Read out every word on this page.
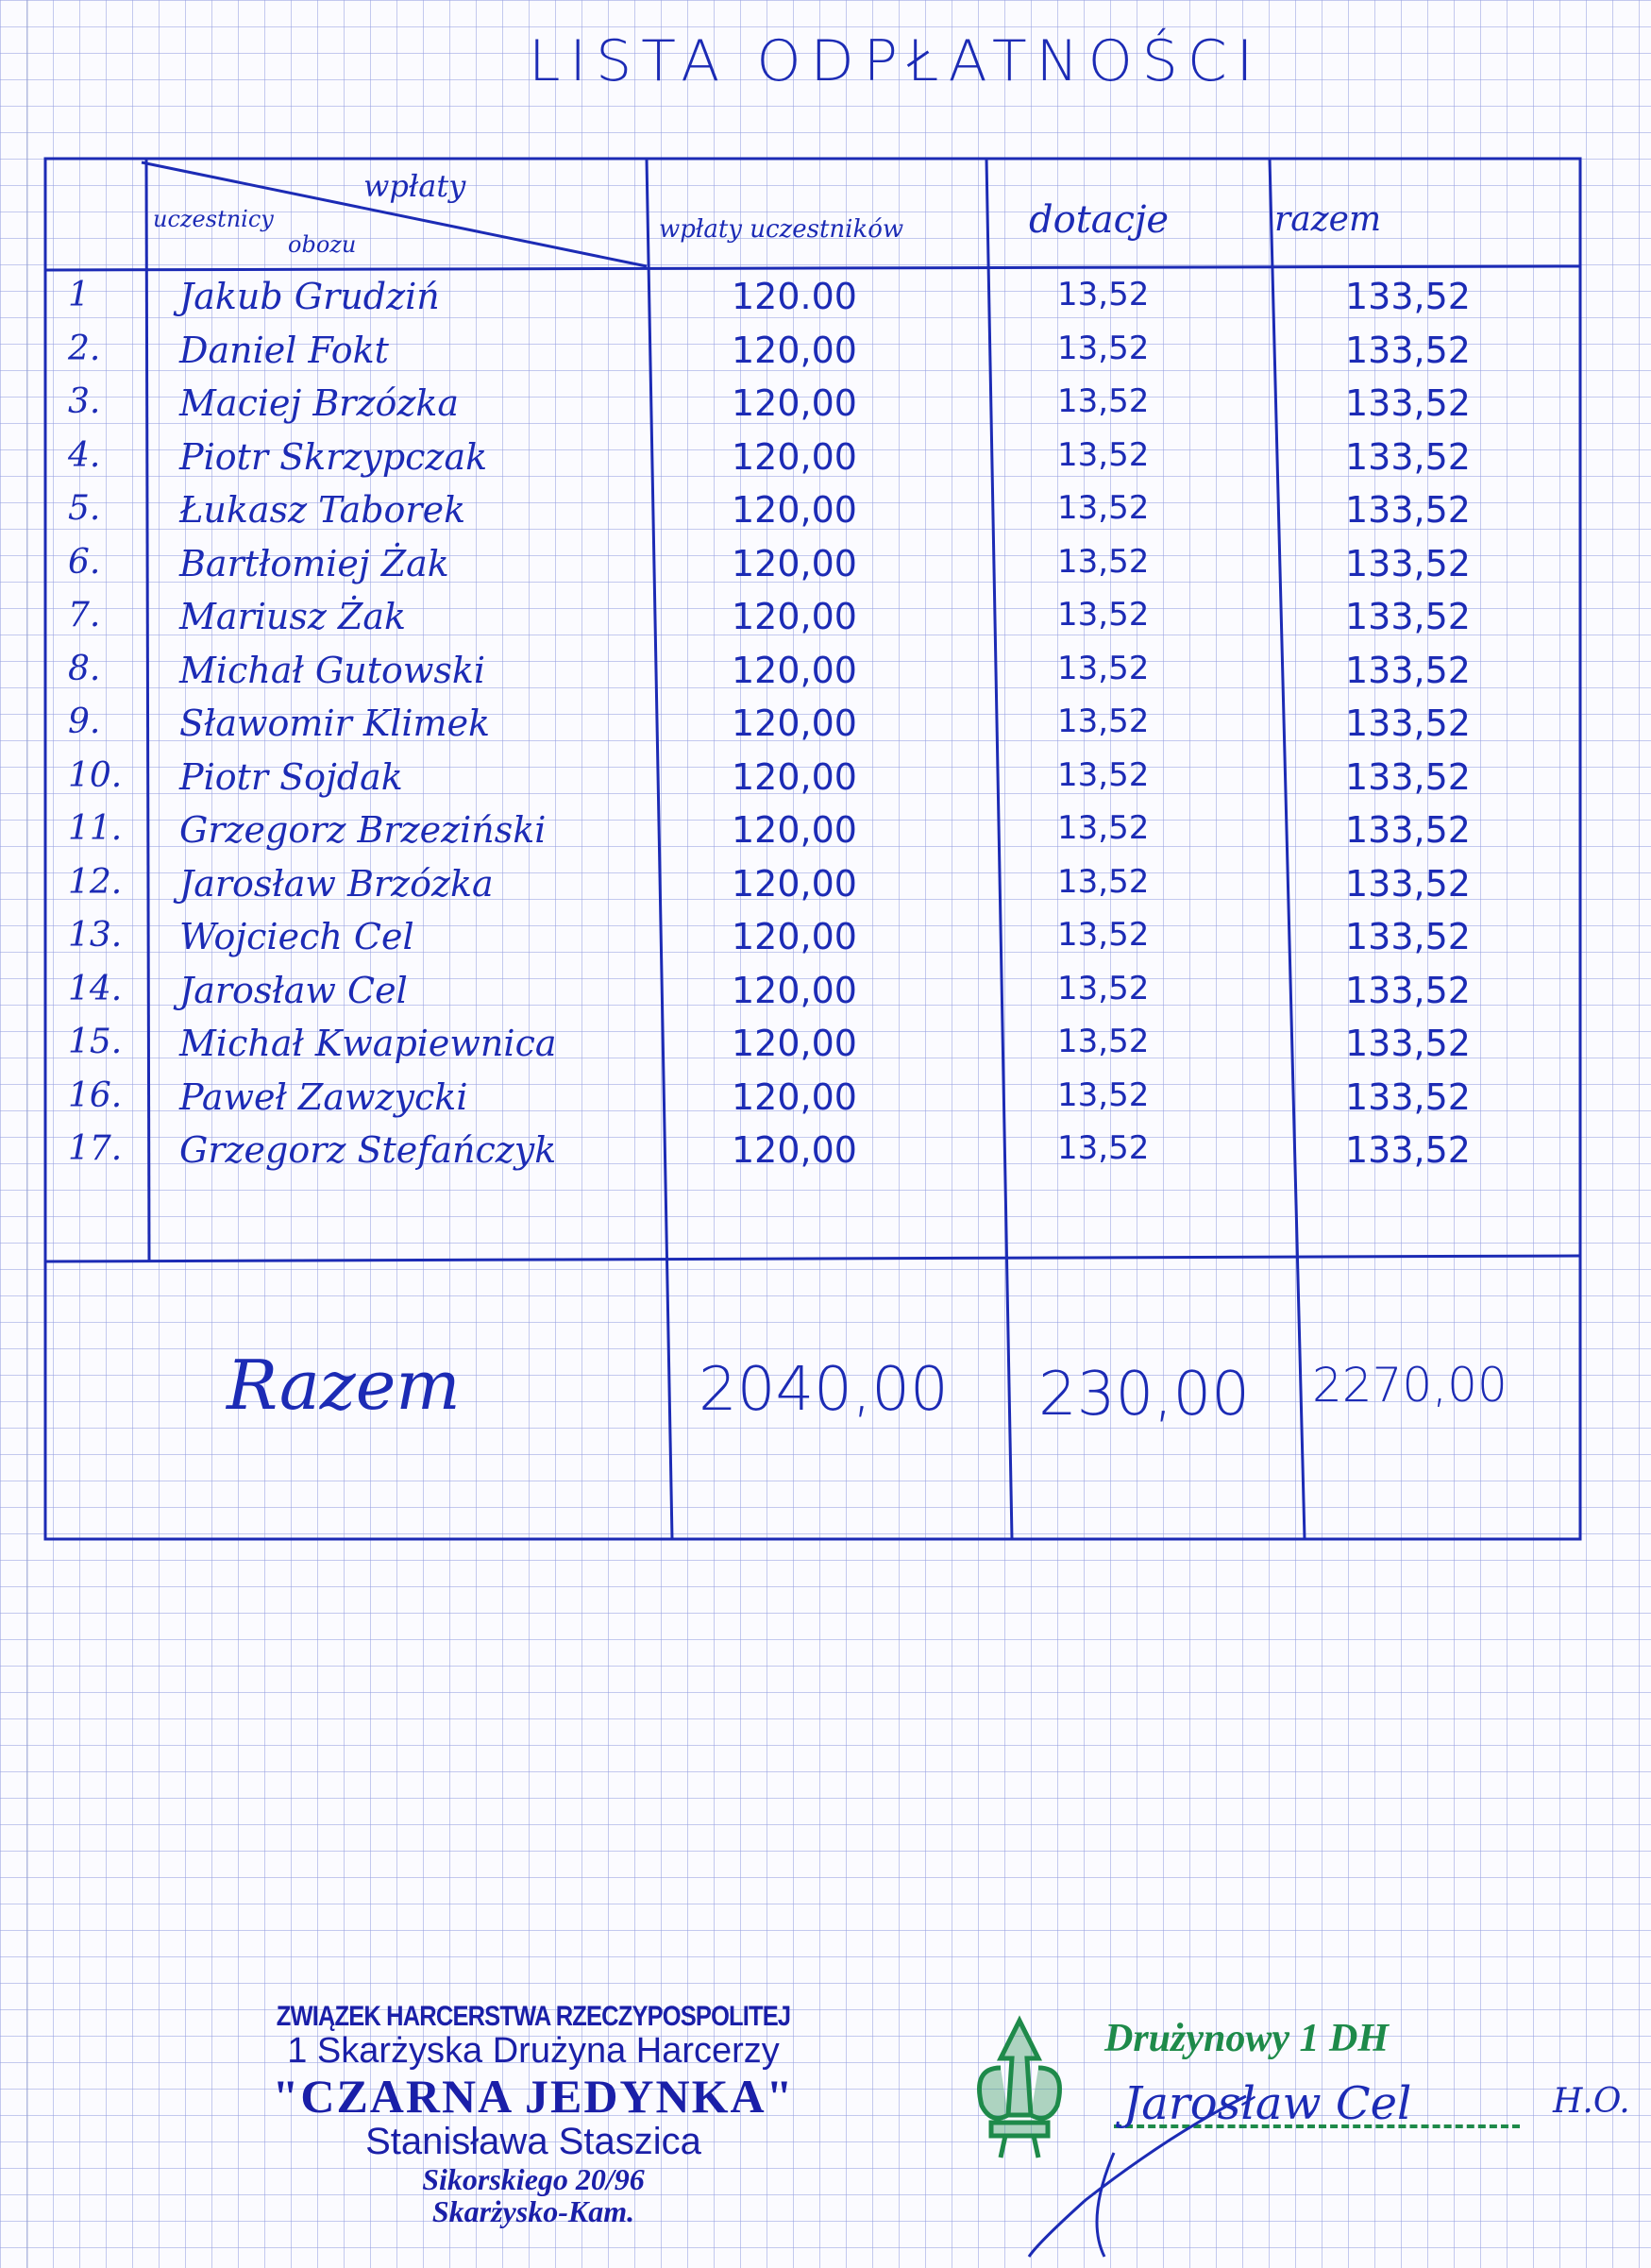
LISTA ODPŁATNOŚCI
wpłaty
uczestnicy
obozu
wpłaty uczestników	dotacje	razem
1	Jakub Grudziń	120.00	13,52	133,52
2. Daniel Fokt	120,00	13,52	133,52
3. Maciej Brzózka	120,00	13,52	133,52
4. Piotr Skrzypczak	120,00	13,52	133,52
5. Łukasz Taborek	120,00	13,52	133,52
6. Bartłomiej Żak	120,00	13,52	133,52
7. Mariusz Żak	120,00	13,52	133,52
8. Michał Gutowski	120,00	13,52	133,52
9. Sławomir Klimek	120,00	13,52	133,52
10. Piotr Sojdak	120,00	13,52	133,52
11. Grzegorz Brzeziński	120,00	13,52	133,52
12. Jarosław Brzózka	120,00	13,52	133,52
13. Wojciech Cel	120,00	13,52	133,52
14. Jarosław Cel	120,00	13,52	133,52
15. Michał Kwapiewnica	120,00	13,52	133,52
16. Paweł Zawzycki	120,00	13,52	133,52
17. Grzegorz Stefańczyk	120,00	13,52	133,52
Razem	2040,00 230,00 2270,00
ZWIĄZEK HARCERSTWA RZECZYPOSPOLITEJ
1 Skarżyska Drużyna Harcerzy
"CZARNA JEDYNKA"
Stanisława Staszica
Sikorskiego 20/96
Skarżysko-Kam.
Drużynowy 1 DH
Jarosław Cel	H.O.
